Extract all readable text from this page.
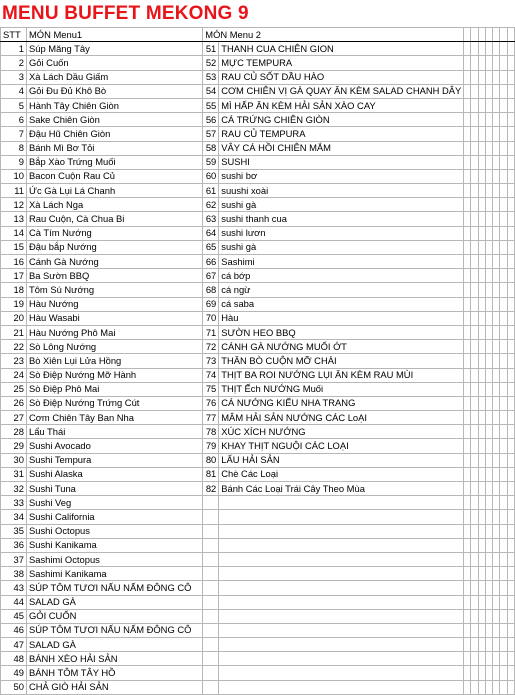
MENU BUFFET MEKONG 9
STT	MÓN Menu1	MÓN Menu 2								
1	Súp Măng Tây	51	THANH CUA CHIÊN GION							
2	Gỏi Cuốn	52	MỰC TEMPURA							
3	Xà Lách Dầu Giấm	53	RAU CỦ SỐT DẦU HÀO							
4	Gỏi Đu Đủ Khô Bò	54	CƠM CHIÊN VỊ GÀ QUAY ĂN KÈM SALAD CHANH DÂY							
5	Hành Tây Chiên Giòn	55	MÌ HẤP ĂN KÈM HẢI SẢN XÀO CAY							
6	Sake Chiên Giòn	56	CÁ TRỨNG CHIÊN GIÒN							
7	Đậu Hũ Chiên Giòn	57	RAU CỦ TEMPURA							
8	Bánh Mì Bơ Tỏi	58	VÂY CÁ HỒI CHIÊN MẮM							
9	Bắp Xào Trứng Muối	59	SUSHI							
10	Bacon Cuộn Rau Củ	60	sushi bơ							
11	Ức Gà Lụi Lá Chanh	61	suushi xoài							
12	Xà Lách Nga	62	sushi gà							
13	Rau Cuộn, Cà Chua Bi	63	sushi thanh cua							
14	Cà Tím Nướng	64	sushi lươn							
15	Đậu bắp Nướng	65	sushi gà							
16	Cánh Gà Nướng	66	Sashimi							
17	Ba Sườn BBQ	67	cá bớp							
18	Tôm Sú Nướng	68	cá ngừ							
19	Hàu Nướng	69	cá saba							
20	Hàu Wasabi	70	Hàu							
21	Hàu Nướng Phô Mai	71	SƯỜN HEO BBQ							
22	Sò Lông Nướng	72	CÁNH GÀ NƯỚNG MUỐI ỚT							
23	Bò Xiên Lụi Lửa Hồng	73	THĂN BÒ CUỘN MỠ CHÀI							
24	Sò Điệp Nướng Mỡ Hành	74	THỊT BA ROI NƯỚNG LỤI ĂN KÈM RAU MÙI							
25	Sò Điệp Phô Mai	75	THỊT Ếch NƯỚNG Muối							
26	Sò Điệp Nướng Trứng Cút	76	CÁ NƯỚNG KIỂU NHA TRANG							
27	Cơm Chiên Tây Ban Nha	77	MÂM HẢI SẢN NƯỚNG CÁC LoẠI							
28	Lẩu Thái	78	XÚC XÍCH NƯỚNG							
29	Sushi Avocado	79	KHAY THỊT NGUỘI CÁC LOẠI							
30	Sushi Tempura	80	LẨU HẢI SẢN							
31	Sushi Alaska	81	Chè Các Loại							
32	Sushi Tuna	82	Bánh Các Loại Trái Cây Theo Mùa							
33	Sushi Veg									
34	Sushi California									
35	Sushi Octopus									
36	Sushi Kanikama									
37	Sashimi Octopus									
38	Sashimi Kanikama									
43	SÚP TÔM TƯƠI NẤU NẤM ĐÔNG CÔ									
44	SALAD GÀ									
45	GỎI CUỐN									
46	SÚP TÔM TƯƠI NẤU NẤM ĐÔNG CÔ									
47	SALAD GÀ									
48	BÁNH XÈO HẢI SẢN									
49	BÁNH TÔM TÂY HỒ									
50	CHẢ GIÒ HẢI SẢN									
